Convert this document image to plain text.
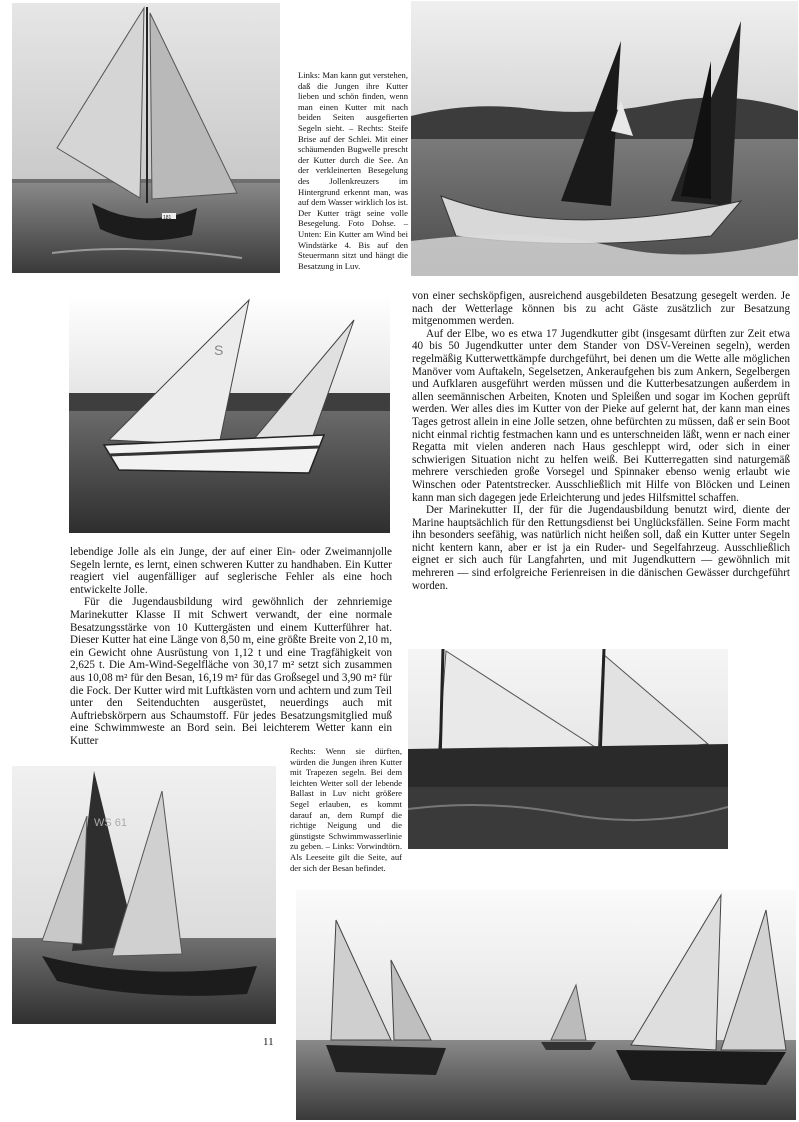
181

Links: Man kann gut verstehen, daß die Jungen ihre Kutter lieben und schön finden, wenn man einen Kutter mit nach beiden Seiten ausgefierten Segeln sieht. – Rechts: Steife Brise auf der Schlei. Mit einer schäumenden Bugwelle prescht der Kutter durch die See. An der verkleinerten Besegelung des Jollenkreuzers im Hintergrund erkennt man, was auf dem Wasser wirklich los ist. Der Kutter trägt seine volle Besegelung. Foto Dohse. – Unten: Ein Kutter am Wind bei Windstärke 4. Bis auf den Steuermann sitzt und hängt die Besatzung in Luv.

S

von einer sechsköpfigen, ausreichend ausgebildeten Besatzung gesegelt werden. Je nach der Wetterlage können bis zu acht Gäste zusätzlich zur Besatzung mitgenommen werden.

Auf der Elbe, wo es etwa 17 Jugendkutter gibt (insgesamt dürften zur Zeit etwa 40 bis 50 Jugendkutter unter dem Stander von DSV-Vereinen segeln), werden regelmäßig Kutterwettkämpfe durchgeführt, bei denen um die Wette alle möglichen Manöver vom Auftakeln, Segelsetzen, Ankeraufgehen bis zum Ankern, Segelbergen und Aufklaren ausgeführt werden müssen und die Kutterbesatzungen außerdem in allen seemännischen Arbeiten, Knoten und Spleißen und sogar im Kochen geprüft werden. Wer alles dies im Kutter von der Pieke auf gelernt hat, der kann man eines Tages getrost allein in eine Jolle setzen, ohne befürchten zu müssen, daß er sein Boot nicht einmal richtig festmachen kann und es unterschneiden läßt, wenn er nach einer Regatta mit vielen anderen nach Haus geschleppt wird, oder sich in einer schwierigen Situation nicht zu helfen weiß. Bei Kutterregatten sind naturgemäß mehrere verschieden große Vorsegel und Spinnaker ebenso wenig erlaubt wie Winschen oder Patentstrecker. Ausschließlich mit Hilfe von Blöcken und Leinen kann man sich dagegen jede Erleichterung und jedes Hilfsmittel schaffen.

Der Marinekutter II, der für die Jugendausbildung benutzt wird, diente der Marine hauptsächlich für den Rettungsdienst bei Unglücksfällen. Seine Form macht ihn besonders seefähig, was natürlich nicht heißen soll, daß ein Kutter unter Segeln nicht kentern kann, aber er ist ja ein Ruder- und Segelfahrzeug. Ausschließlich eignet er sich auch für Langfahrten, und mit Jugendkuttern — gewöhnlich mit mehreren — sind erfolgreiche Ferienreisen in die dänischen Gewässer durchgeführt worden.

lebendige Jolle als ein Junge, der auf einer Ein- oder Zweimannjolle Segeln lernte, es lernt, einen schweren Kutter zu handhaben. Ein Kutter reagiert viel augenfälliger auf seglerische Fehler als eine hoch entwickelte Jolle.

Für die Jugendausbildung wird gewöhnlich der zehnriemige Marinekutter Klasse II mit Schwert verwandt, der eine normale Besatzungsstärke von 10 Kuttergästen und einem Kutterführer hat. Dieser Kutter hat eine Länge von 8,50 m, eine größte Breite von 2,10 m, ein Gewicht ohne Ausrüstung von 1,12 t und eine Tragfähigkeit von 2,625 t. Die Am-Wind-Segelfläche von 30,17 m² setzt sich zusammen aus 10,08 m² für den Besan, 16,19 m² für das Großsegel und 3,90 m² für die Fock. Der Kutter wird mit Luftkästen vorn und achtern und zum Teil unter den Seitenduchten ausgerüstet, neuerdings auch mit Auftriebskörpern aus Schaumstoff. Für jedes Besatzungsmitglied muß eine Schwimmweste an Bord sein. Bei leichterem Wetter kann ein Kutter

Rechts: Wenn sie dürften, würden die Jungen ihren Kutter mit Trapezen segeln. Bei dem leichten Wetter soll der lebende Ballast in Luv nicht größere Segel erlauben, es kommt darauf an, dem Rumpf die richtige Neigung und die günstigste Schwimmwasserlinie zu geben. – Links: Vorwindtörn. Als Leeseite gilt die Seite, auf der sich der Besan befindet.

WS 61
11
